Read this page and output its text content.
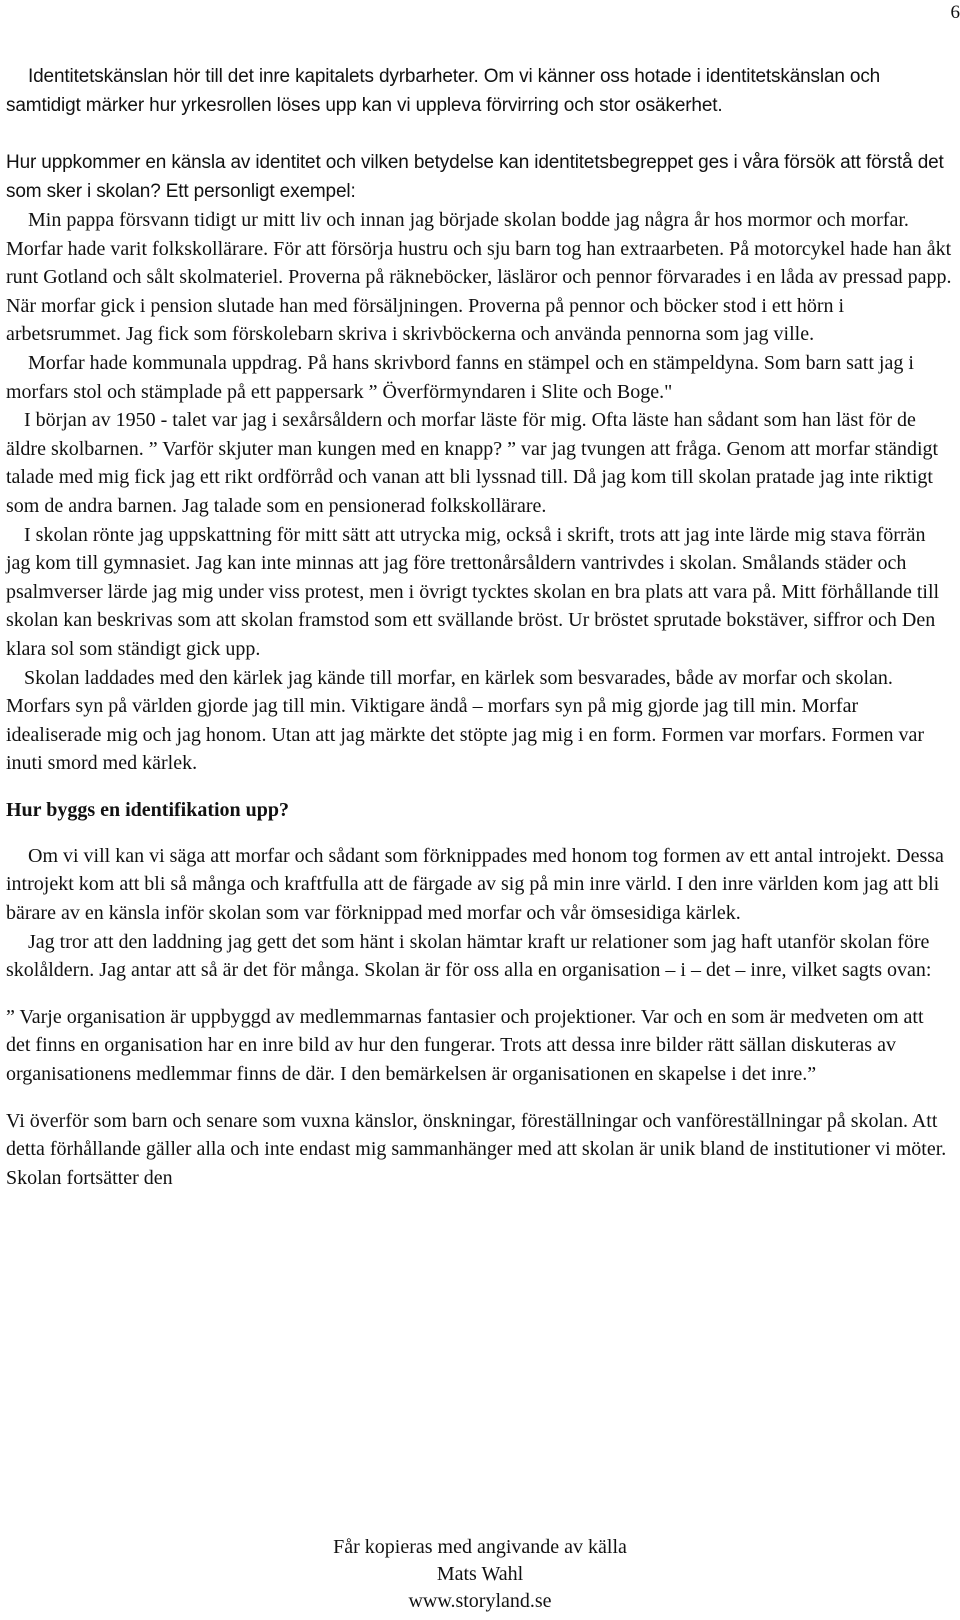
6

Identitetskänslan hör till det inre kapitalets dyrbarheter. Om vi känner oss hotade i identitetskänslan och samtidigt märker hur yrkesrollen löses upp kan vi uppleva förvirring och stor osäkerhet.

Hur uppkommer en känsla av identitet och vilken betydelse kan identitetsbegreppet ges i våra försök att förstå det som sker i skolan? Ett personligt exempel:

Min pappa försvann tidigt ur mitt liv och innan jag började skolan bodde jag några år hos mormor och morfar. Morfar hade varit folkskollärare. För att försörja hustru och sju barn tog han extraarbeten. På motorcykel hade han åkt runt Gotland och sålt skolmateriel. Proverna på räkneböcker, läsläror och pennor förvarades i en låda av pressad papp. När morfar gick i pension slutade han med försäljningen. Proverna på pennor och böcker stod i ett hörn i arbetsrummet. Jag fick som förskolebarn skriva i skrivböckerna och använda pennorna som jag ville.

Morfar hade kommunala uppdrag. På hans skrivbord fanns en stämpel och en stämpeldyna. Som barn satt jag i morfars stol och stämplade på ett pappersark ” Överförmyndaren i Slite och Boge."

I början av 1950 - talet var jag i sexårsåldern och morfar läste för mig. Ofta läste han sådant som han läst för de äldre skolbarnen. ” Varför skjuter man kungen med en knapp? ” var jag tvungen att fråga. Genom att morfar ständigt talade med mig fick jag ett rikt ordförråd och vanan att bli lyssnad till. Då jag kom till skolan pratade jag inte riktigt som de andra barnen. Jag talade som en pensionerad folkskollärare.

I skolan rönte jag uppskattning för mitt sätt att utrycka mig, också i skrift, trots att jag inte lärde mig stava förrän jag kom till gymnasiet. Jag kan inte minnas att jag före trettonårsåldern vantrivdes i skolan. Smålands städer och psalmverser lärde jag mig under viss protest, men i övrigt tycktes skolan en bra plats att vara på. Mitt förhållande till skolan kan beskrivas som att skolan framstod som ett svällande bröst. Ur bröstet sprutade bokstäver, siffror och Den klara sol som ständigt gick upp.

Skolan laddades med den kärlek jag kände till morfar, en kärlek som besvarades, både av morfar och skolan. Morfars syn på världen gjorde jag till min. Viktigare ändå – morfars syn på mig gjorde jag till min. Morfar idealiserade mig och jag honom. Utan att jag märkte det stöpte jag mig i en form. Formen var morfars. Formen var inuti smord med kärlek.

Hur byggs en identifikation upp?

Om vi vill kan vi säga att morfar och sådant som förknippades med honom tog formen av ett antal introjekt. Dessa introjekt kom att bli så många och kraftfulla att de färgade av sig på min inre värld. I den inre världen kom jag att bli bärare av en känsla inför skolan som var förknippad med morfar och vår ömsesidiga kärlek.

Jag tror att den laddning jag gett det som hänt i skolan hämtar kraft ur relationer som jag haft utanför skolan före skolåldern. Jag antar att så är det för många. Skolan är för oss alla en organisation – i – det – inre, vilket sagts ovan:

” Varje organisation är uppbyggd av medlemmarnas fantasier och projektioner. Var och en som är medveten om att det finns en organisation har en inre bild av hur den fungerar. Trots att dessa inre bilder rätt sällan diskuteras av organisationens medlemmar finns de där. I den bemärkelsen är organisationen en skapelse i det inre.”

Vi överför som barn och senare som vuxna känslor, önskningar, föreställningar och vanföreställningar på skolan. Att detta förhållande gäller alla och inte endast mig sammanhänger med att skolan är unik bland de institutioner vi möter. Skolan fortsätter den

Får kopieras med angivande av källa
Mats Wahl
www.storyland.se
